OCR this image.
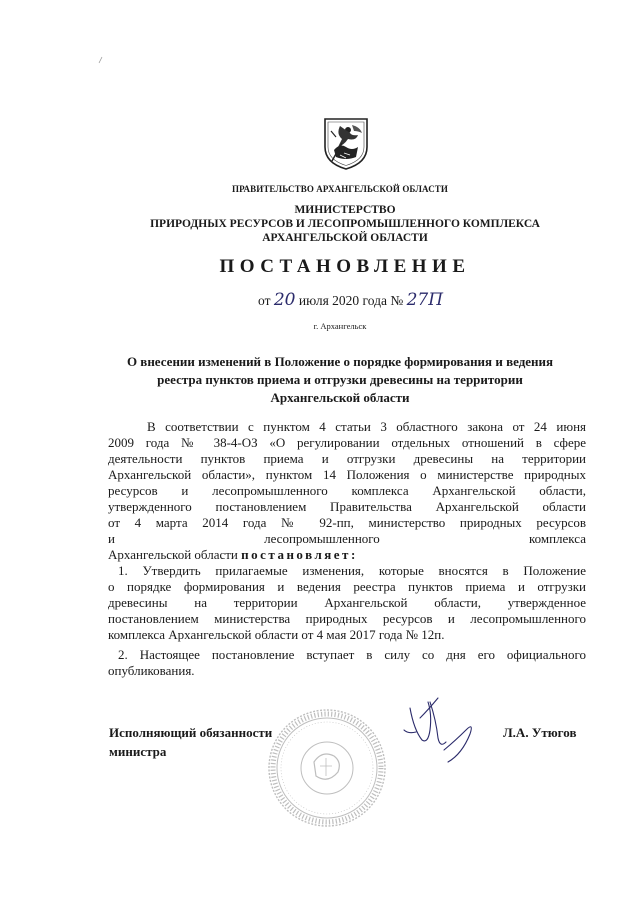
ПРАВИТЕЛЬСТВО АРХАНГЕЛЬСКОЙ ОБЛАСТИ
МИНИСТЕРСТВО
ПРИРОДНЫХ РЕСУРСОВ И ЛЕСОПРОМЫШЛЕННОГО КОМПЛЕКСА
АРХАНГЕЛЬСКОЙ ОБЛАСТИ
ПОСТАНОВЛЕНИЕ
от 20 июля 2020 года № 27П
г. Архангельск
О внесении изменений в Положение о порядке формирования и ведения
реестра пунктов приема и отгрузки древесины на территории
Архангельской области
В соответствии с пунктом 4 статьи 3 областного закона от 24 июня
2009 года № 38-4-ОЗ «О регулировании отдельных отношений в сфере
деятельности пунктов приема и отгрузки древесины на территории
Архангельской области», пунктом 14 Положения о министерстве природных
ресурсов и лесопромышленного комплекса Архангельской области,
утвержденного постановлением Правительства Архангельской области
от 4 марта 2014 года № 92-пп, министерство природных ресурсов
и лесопромышленного комплекса
Архангельской области постановляет:
1. Утвердить прилагаемые изменения, которые вносятся в Положение
о порядке формирования и ведения реестра пунктов приема и отгрузки
древесины на территории Архангельской области, утвержденное
постановлением министерства природных ресурсов и лесопромышленного
комплекса Архангельской области от 4 мая 2017 года № 12п.
2. Настоящее постановление вступает в силу со дня его официального
опубликования.
Исполняющий обязанности
министра
Л.А. Утюгов
